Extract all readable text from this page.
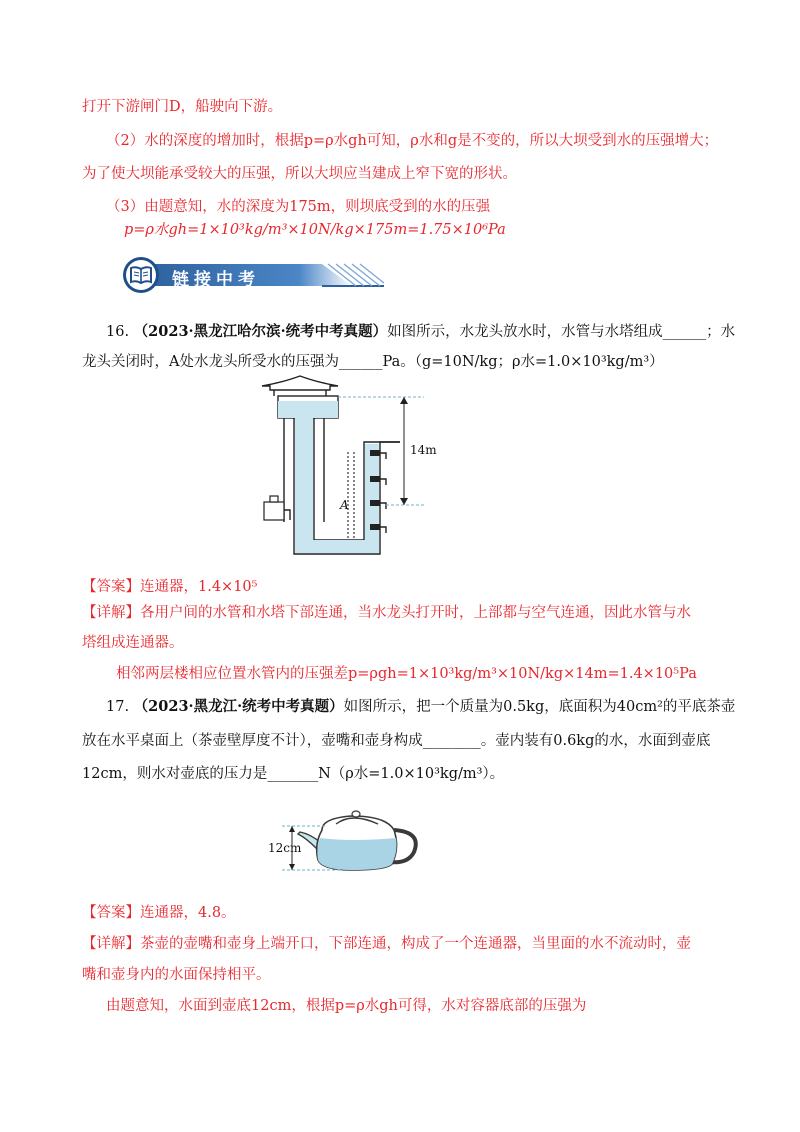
打开下游闸门D，船驶向下游。
（2）水的深度的增加时，根据p=ρ水gh可知，ρ水和g是不变的，所以大坝受到水的压强增大；
为了使大坝能承受较大的压强，所以大坝应当建成上窄下宽的形状。
（3）由题意知，水的深度为175m，则坝底受到的水的压强
p=ρ水gh=1×10³kg/m³×10N/kg×175m=1.75×10⁶Pa
链接中考
16. （2023·黑龙江哈尔滨·统考中考真题）如图所示，水龙头放水时，水管与水塔组成______；水
龙头关闭时，A处水龙头所受水的压强为______Pa。（g=10N/kg；ρ水=1.0×10³kg/m³）
14m
A
【答案】连通器，1.4×10⁵
【详解】各用户间的水管和水塔下部连通，当水龙头打开时，上部都与空气连通，因此水管与水
塔组成连通器。
相邻两层楼相应位置水管内的压强差p=ρgh=1×10³kg/m³×10N/kg×14m=1.4×10⁵Pa
17. （2023·黑龙江·统考中考真题）如图所示，把一个质量为0.5kg，底面积为40cm²的平底茶壶
放在水平桌面上（茶壶壁厚度不计），壶嘴和壶身构成________。壶内装有0.6kg的水，水面到壶底
12cm，则水对壶底的压力是_______N（ρ水=1.0×10³kg/m³）。
12cm
【答案】连通器，4.8。
【详解】茶壶的壶嘴和壶身上端开口，下部连通，构成了一个连通器，当里面的水不流动时，壶
嘴和壶身内的水面保持相平。
由题意知，水面到壶底12cm，根据p=ρ水gh可得，水对容器底部的压强为
